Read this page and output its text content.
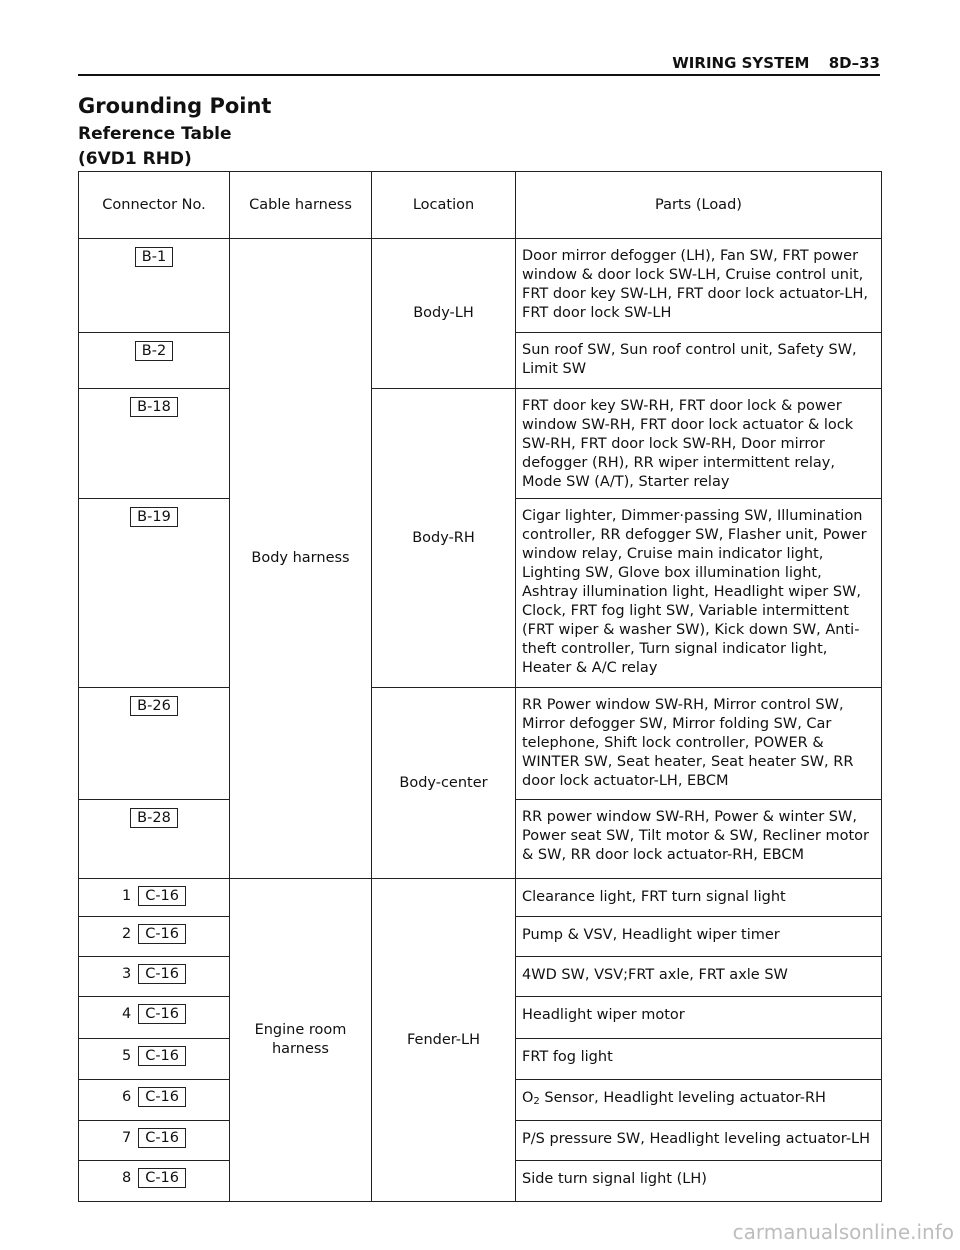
WIRING SYSTEM 8D–33
Grounding Point
Reference Table
(6VD1 RHD)
Connector No.	Cable harness	Location	Parts (Load)
B-1	Body harness	Body-LH	Door mirror defogger (LH), Fan SW, FRT power window & door lock SW-LH, Cruise control unit, FRT door key SW-LH, FRT door lock actuator-LH, FRT door lock SW-LH
B-2			Sun roof SW, Sun roof control unit, Safety SW, Limit SW
B-18		Body-RH	FRT door key SW-RH, FRT door lock & power window SW-RH, FRT door lock actuator & lock SW-RH, FRT door lock SW-RH, Door mirror defogger (RH), RR wiper intermittent relay, Mode SW (A/T), Starter relay
B-19			Cigar lighter, Dimmer·passing SW, Illumination controller, RR defogger SW, Flasher unit, Power window relay, Cruise main indicator light, Lighting SW, Glove box illumination light, Ashtray illumination light, Headlight wiper SW, Clock, FRT fog light SW, Variable intermittent (FRT wiper & washer SW), Kick down SW, Anti-theft controller, Turn signal indicator light, Heater & A/C relay
B-26		Body-center	RR Power window SW-RH, Mirror control SW, Mirror defogger SW, Mirror folding SW, Car telephone, Shift lock controller, POWER & WINTER SW, Seat heater, Seat heater SW, RR door lock actuator-LH, EBCM
B-28			RR power window SW-RH, Power & winter SW, Power seat SW, Tilt motor & SW, Recliner motor & SW, RR door lock actuator-RH, EBCM
1 C-16	Engine room harness	Fender-LH	Clearance light, FRT turn signal light
2 C-16			Pump & VSV, Headlight wiper timer
3 C-16			4WD SW, VSV;FRT axle, FRT axle SW
4 C-16			Headlight wiper motor
5 C-16			FRT fog light
6 C-16			O2 Sensor, Headlight leveling actuator-RH
7 C-16			P/S pressure SW, Headlight leveling actuator-LH
8 C-16			Side turn signal light (LH)
carmanualsonline.info
